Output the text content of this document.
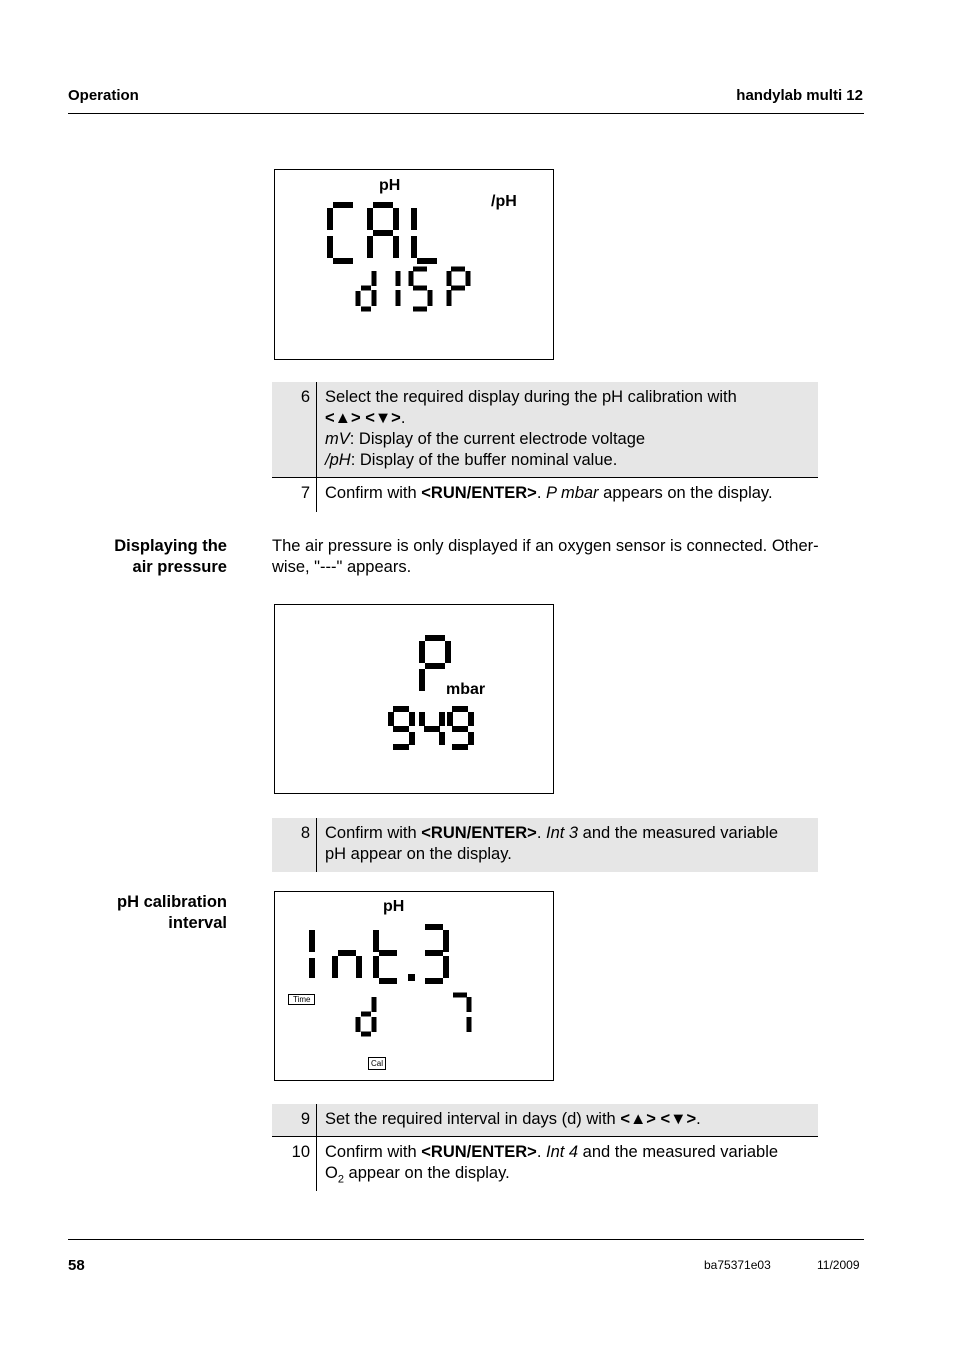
Operation	handylab multi 12
pH
/pH
6 Select the required display during the pH calibration with
<▲> <▼>.
mV: Display of the current electrode voltage
/pH: Display of the buffer nominal value.
7 Confirm with <RUN/ENTER>. P mbar appears on the display.
Displaying the
air pressure
The air pressure is only displayed if an oxygen sensor is connected. Other-
wise, "---" appears.
mbar
8 Confirm with <RUN/ENTER>. Int 3 and the measured variable
pH appear on the display.
pH calibration
interval
pH
Time
Cal
9 Set the required interval in days (d) with <▲> <▼>.
10 Confirm with <RUN/ENTER>. Int 4 and the measured variable
$O_2$ appear on the display.
58	ba75371e03	11/2009
